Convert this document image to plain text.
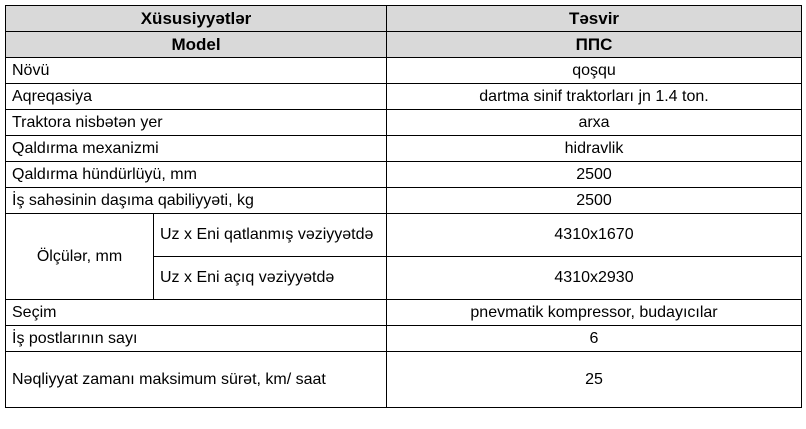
Xüsusiyyətlər		Təsvir
Model		ППС
Növü		qoşqu
Aqreqasiya		dartma sinif traktorları jn 1.4 ton.
Traktora nisbətən yer		arxa
Qaldırma mexanizmi		hidravlik
Qaldırma hündürlüyü, mm		2500
İş sahəsinin daşıma qabiliyyəti, kg		2500
Ölçülər, mm	Uz x Eni qatlanmış vəziyyətdə	4310x1670
	Uz x Eni açıq vəziyyətdə	4310x2930
Seçim		pnevmatik kompressor, budayıcılar
İş postlarının sayı		6
Nəqliyyat zamanı maksimum sürət, km/ saat		25
